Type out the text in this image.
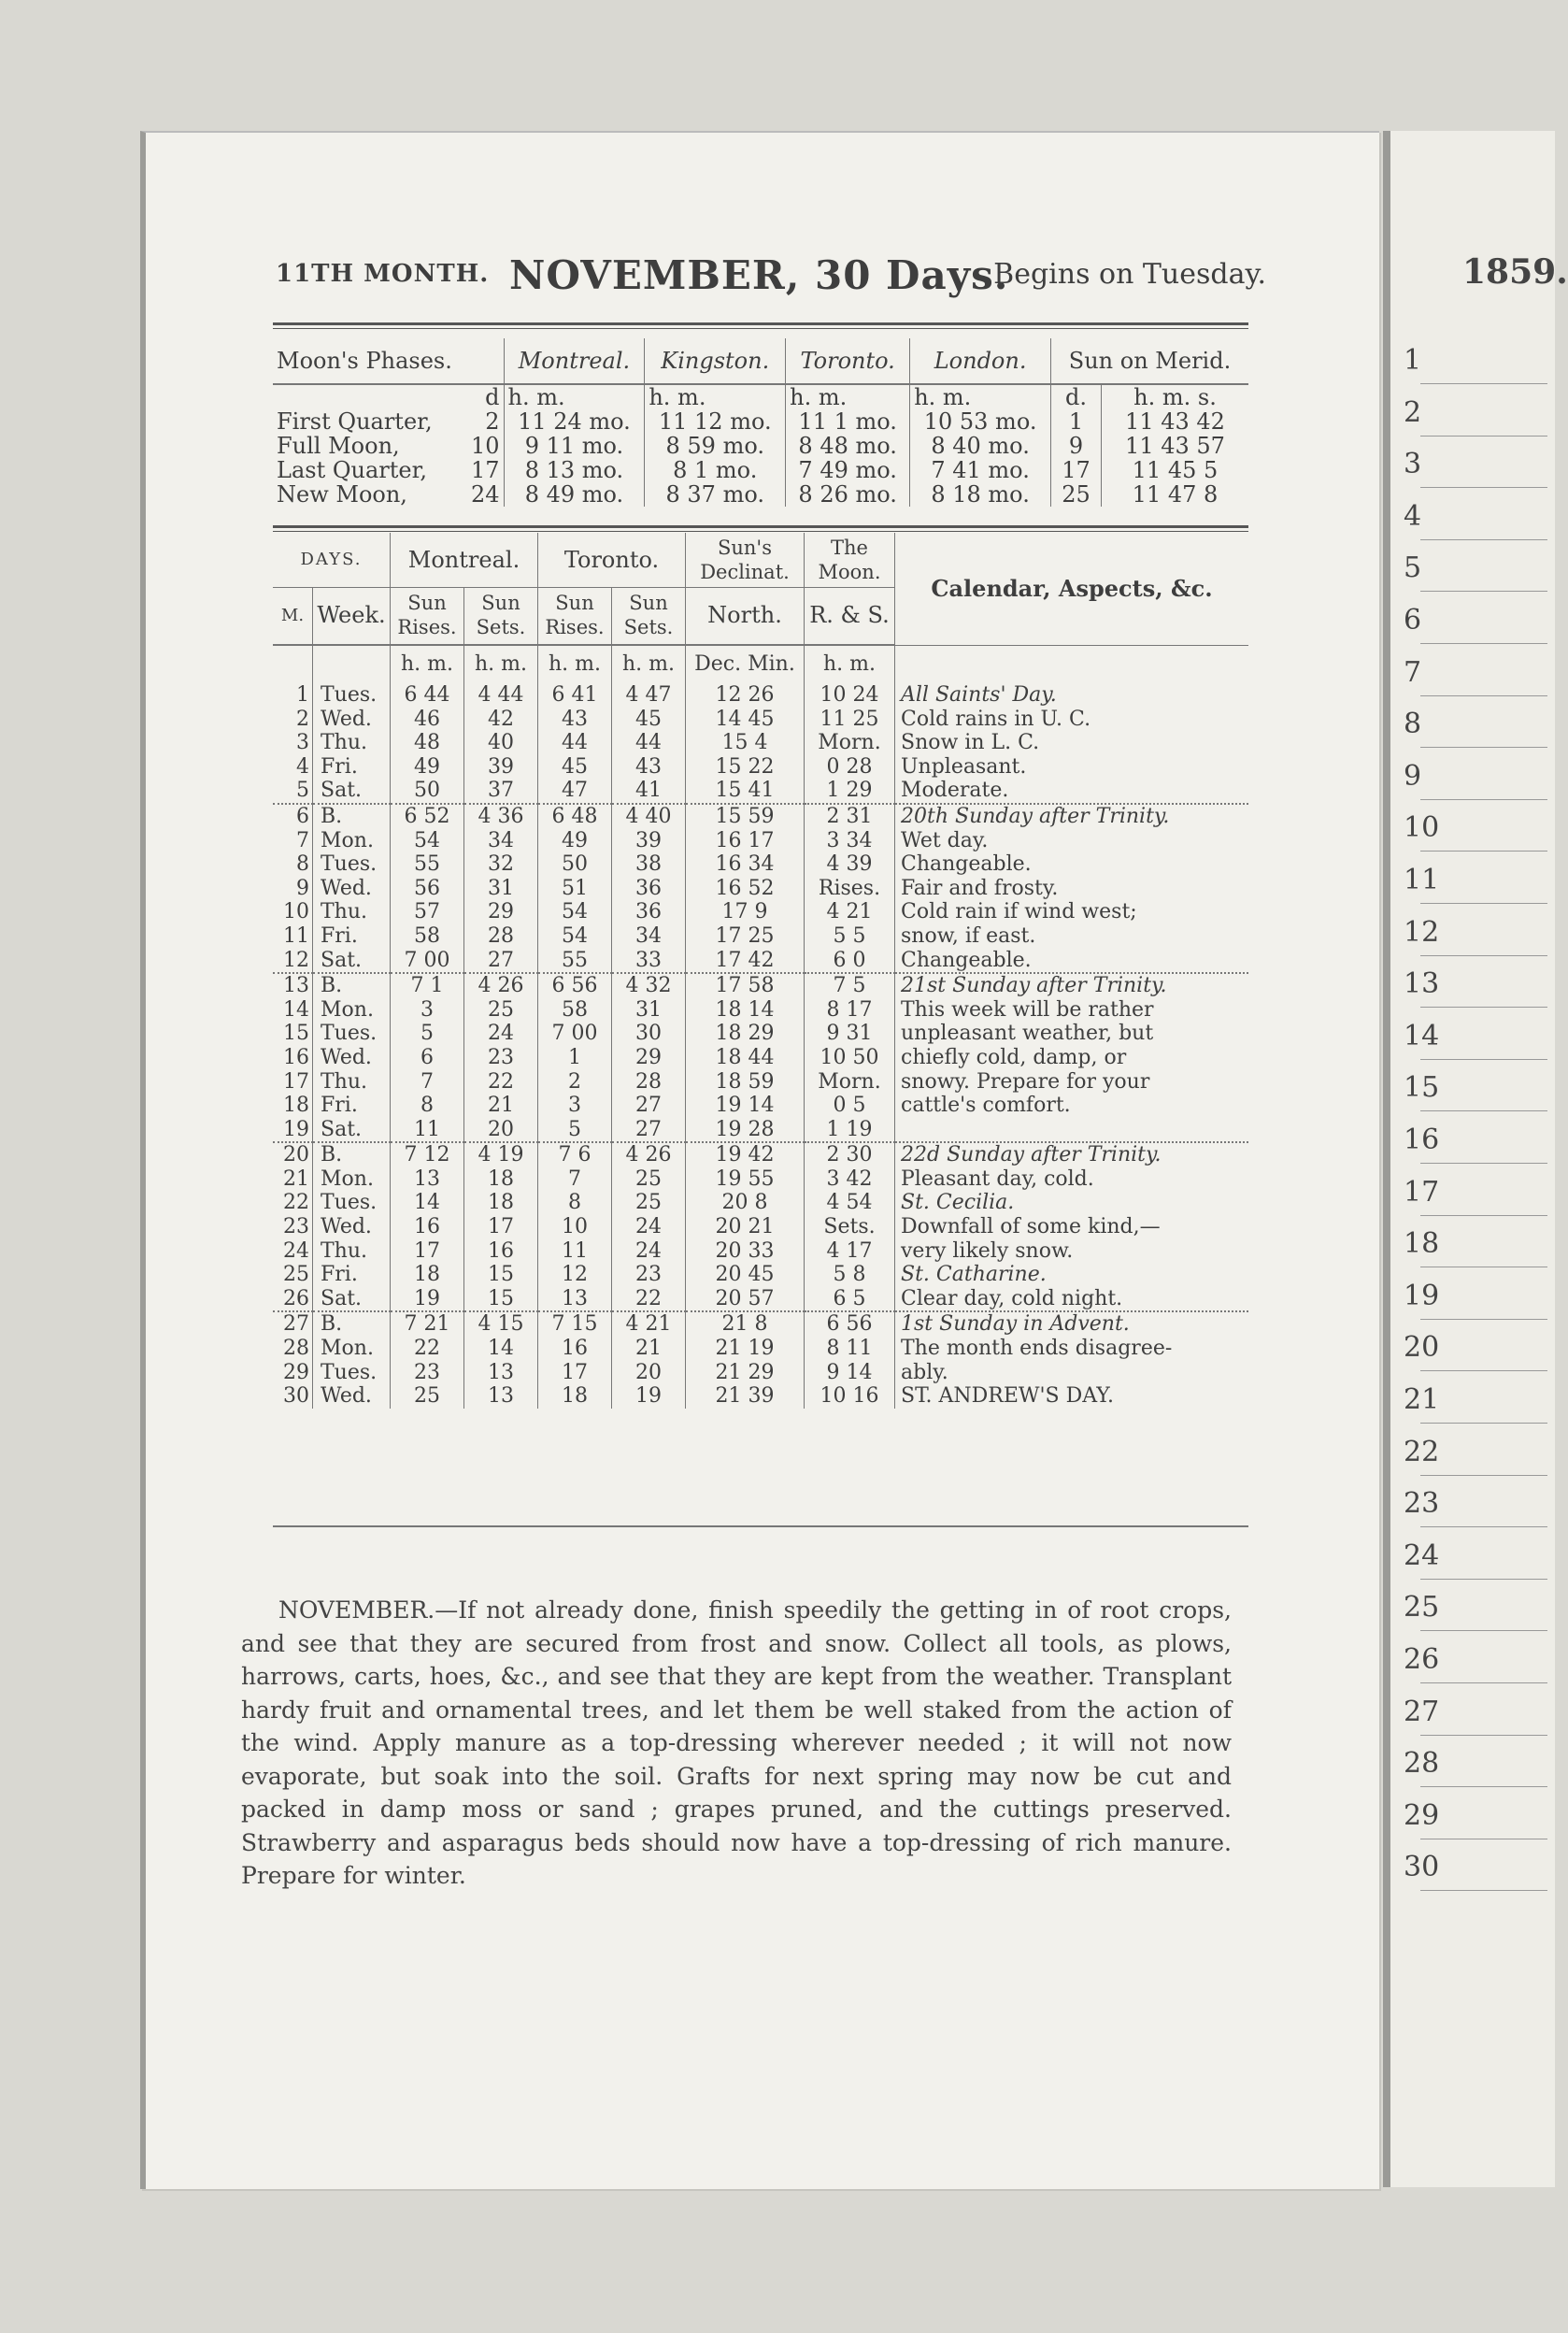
11TH MONTH. NOVEMBER, 30 Days.
Begins on Tuesday.
Moon's Phases.		Montreal.	Kingston.	Toronto.	London.	Sun on Merid.	
	d	h. m.	h. m.	h. m.	h. m.	d.	h. m. s.
First Quarter,	2	11 24 mo.	11 12 mo.	11 1 mo.	10 53 mo.	1	11 43 42
Full Moon,	10	9 11 mo.	8 59 mo.	8 48 mo.	8 40 mo.	9	11 43 57
Last Quarter,	17	8 13 mo.	8 1 mo.	7 49 mo.	7 41 mo.	17	11 45 5
New Moon,	24	8 49 mo.	8 37 mo.	8 26 mo.	8 18 mo.	25	11 47 8
DAYS.		Montreal.		Toronto.		Sun's Declinat.	The Moon.	Calendar, Aspects, &c.
M.	Week.	Sun Rises.	Sun Sets.	Sun Rises.	Sun Sets.	North.	R. & S.	
		h. m.	h. m.	h. m.	h. m.	Dec. Min.	h. m.	
1	Tues.	6 44	4 44	6 41	4 47	12 26	10 24	All Saints' Day.
2	Wed.	46	42	43	45	14 45	11 25	Cold rains in U. C.
3	Thu.	48	40	44	44	15 4	Morn.	Snow in L. C.
4	Fri.	49	39	45	43	15 22	0 28	Unpleasant.
5	Sat.	50	37	47	41	15 41	1 29	Moderate.
6	B.	6 52	4 36	6 48	4 40	15 59	2 31	20th Sunday after Trinity.
7	Mon.	54	34	49	39	16 17	3 34	Wet day.
8	Tues.	55	32	50	38	16 34	4 39	Changeable.
9	Wed.	56	31	51	36	16 52	Rises.	Fair and frosty.
10	Thu.	57	29	54	36	17 9	4 21	Cold rain if wind west;
11	Fri.	58	28	54	34	17 25	5 5	snow, if east.
12	Sat.	7 00	27	55	33	17 42	6 0	Changeable.
13	B.	7 1	4 26	6 56	4 32	17 58	7 5	21st Sunday after Trinity.
14	Mon.	3	25	58	31	18 14	8 17	This week will be rather
15	Tues.	5	24	7 00	30	18 29	9 31	unpleasant weather, but
16	Wed.	6	23	1	29	18 44	10 50	chiefly cold, damp, or
17	Thu.	7	22	2	28	18 59	Morn.	snowy. Prepare for your
18	Fri.	8	21	3	27	19 14	0 5	cattle's comfort.
19	Sat.	11	20	5	27	19 28	1 19	
20	B.	7 12	4 19	7 6	4 26	19 42	2 30	22d Sunday after Trinity.
21	Mon.	13	18	7	25	19 55	3 42	Pleasant day, cold.
22	Tues.	14	18	8	25	20 8	4 54	St. Cecilia.
23	Wed.	16	17	10	24	20 21	Sets.	Downfall of some kind,—
24	Thu.	17	16	11	24	20 33	4 17	very likely snow.
25	Fri.	18	15	12	23	20 45	5 8	St. Catharine.
26	Sat.	19	15	13	22	20 57	6 5	Clear day, cold night.
27	B.	7 21	4 15	7 15	4 21	21 8	6 56	1st Sunday in Advent.
28	Mon.	22	14	16	21	21 19	8 11	The month ends disagree-
29	Tues.	23	13	17	20	21 29	9 14	ably.
30	Wed.	25	13	18	19	21 39	10 16	ST. ANDREW'S DAY.

NOVEMBER.—If not already done, finish speedily the getting in of root crops, and see that they are secured from frost and snow. Collect all tools, as plows, harrows, carts, hoes, &c., and see that they are kept from the weather. Transplant hardy fruit and ornamental trees, and let them be well staked from the action of the wind. Apply manure as a top-dressing wherever needed ; it will not now evaporate, but soak into the soil. Grafts for next spring may now be cut and packed in damp moss or sand ; grapes pruned, and the cuttings preserved. Strawberry and asparagus beds should now have a top-dressing of rich manure. Prepare for winter.

1859.
1
2
3
4
5
6
7
8
9
10
11
12
13
14
15
16
17
18
19
20
21
22
23
24
25
26
27
28
29
30
